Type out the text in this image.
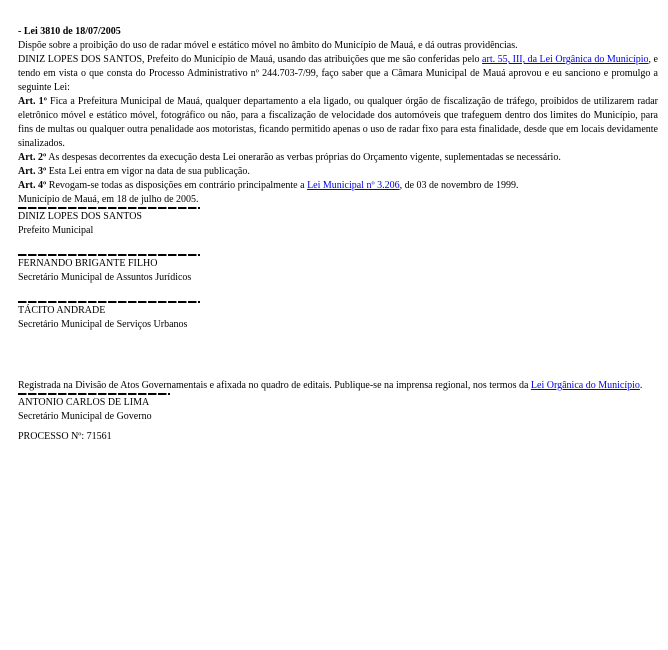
- Lei 3810 de 18/07/2005
Dispõe sobre a proibição do uso de radar móvel e estático móvel no âmbito do Município de Mauá, e dá outras providências.

DINIZ LOPES DOS SANTOS, Prefeito do Município de Mauá, usando das atribuições que me são conferidas pelo art. 55, III, da Lei Orgânica do Município, e tendo em vista o que consta do Processo Administrativo nº 244.703-7/99, faço saber que a Câmara Municipal de Mauá aprovou e eu sanciono e promulgo a seguinte Lei:

Art. 1º Fica a Prefeitura Municipal de Mauá, qualquer departamento a ela ligado, ou qualquer órgão de fiscalização de tráfego, proibidos de utilizarem radar eletrônico móvel e estático móvel, fotográfico ou não, para a fiscalização de velocidade dos automóveis que trafeguem dentro dos limites do Município, para fins de multas ou qualquer outra penalidade aos motoristas, ficando permitido apenas o uso de radar fixo para esta finalidade, desde que em locais devidamente sinalizados.

Art. 2º As despesas decorrentes da execução desta Lei onerarão as verbas próprias do Orçamento vigente, suplementadas se necessário.

Art. 3º Esta Lei entra em vigor na data de sua publicação.

Art. 4º Revogam-se todas as disposições em contrário principalmente a Lei Municipal nº 3.206, de 03 de novembro de 1999.

Município de Mauá, em 18 de julho de 2005.

DINIZ LOPES DOS SANTOS
Prefeito Municipal
FERNANDO BRIGANTE FILHO
Secretário Municipal de Assuntos Jurídicos
TÁCITO ANDRADE
Secretário Municipal de Serviços Urbanos

Registrada na Divisão de Atos Governamentais e afixada no quadro de editais. Publique-se na imprensa regional, nos termos da Lei Orgânica do Município.

ANTONIO CARLOS DE LIMA
Secretário Municipal de Governo

PROCESSO Nº: 71561
